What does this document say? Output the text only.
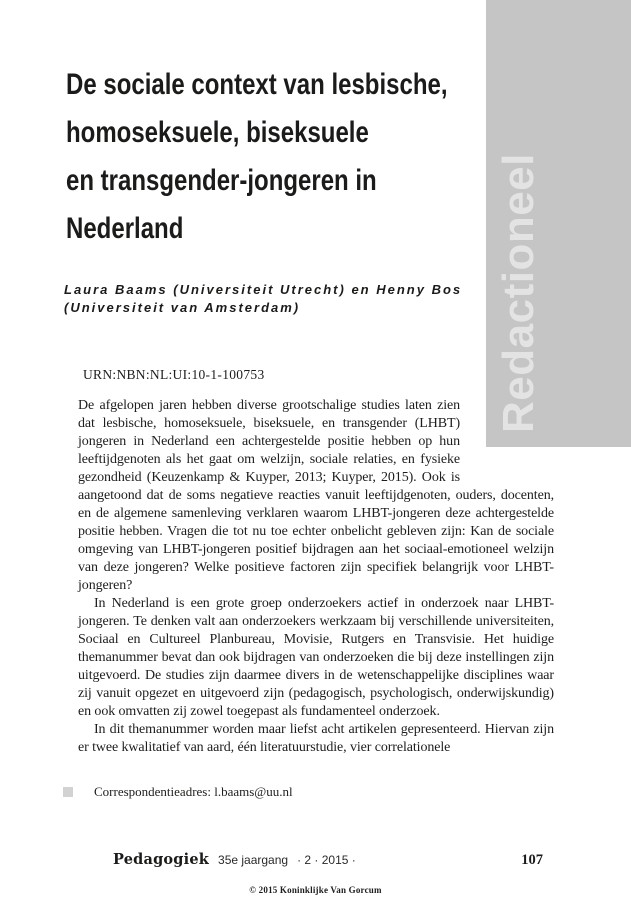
Redactioneel
De sociale context van lesbische,
homoseksuele, biseksuele
en transgender-jongeren in
Nederland
Laura Baams (Universiteit Utrecht) en Henny Bos
(Universiteit van Amsterdam)
URN:NBN:NL:UI:10-1-100753

De afgelopen jaren hebben diverse grootschalige studies laten zien dat lesbische, homoseksuele, biseksuele, en transgender (LHBT) jongeren in Nederland een achtergestelde positie hebben op hun leeftijdgenoten als het gaat om welzijn, sociale relaties, en fysieke gezondheid (Keuzenkamp & Kuyper, 2013; Kuyper, 2015). Ook is aangetoond dat de soms negatieve reacties vanuit leeftijdgenoten, ouders, docenten, en de algemene samenleving verklaren waarom LHBT-jongeren deze achtergestelde positie hebben. Vragen die tot nu toe echter onbelicht gebleven zijn: Kan de sociale omgeving van LHBT-jongeren positief bijdragen aan het sociaal-emotioneel welzijn van deze jongeren? Welke positieve factoren zijn specifiek belangrijk voor LHBT-jongeren?

In Nederland is een grote groep onderzoekers actief in onderzoek naar LHBT-jongeren. Te denken valt aan onderzoekers werkzaam bij verschillende universiteiten, Sociaal en Cultureel Planbureau, Movisie, Rutgers en Transvisie. Het huidige themanummer bevat dan ook bijdragen van onderzoeken die bij deze instellingen zijn uitgevoerd. De studies zijn daarmee divers in de wetenschappelijke disciplines waar zij vanuit opgezet en uitgevoerd zijn (pedagogisch, psychologisch, onderwijskundig) en ook omvatten zij zowel toegepast als fundamenteel onderzoek.

In dit themanummer worden maar liefst acht artikelen gepresenteerd. Hiervan zijn er twee kwalitatief van aard, één literatuurstudie, vier correlationele

Correspondentieadres: l.baams@uu.nl
Pedagogiek 35e jaargang · 2 · 2015 ·	107
© 2015 Koninklijke Van Gorcum
